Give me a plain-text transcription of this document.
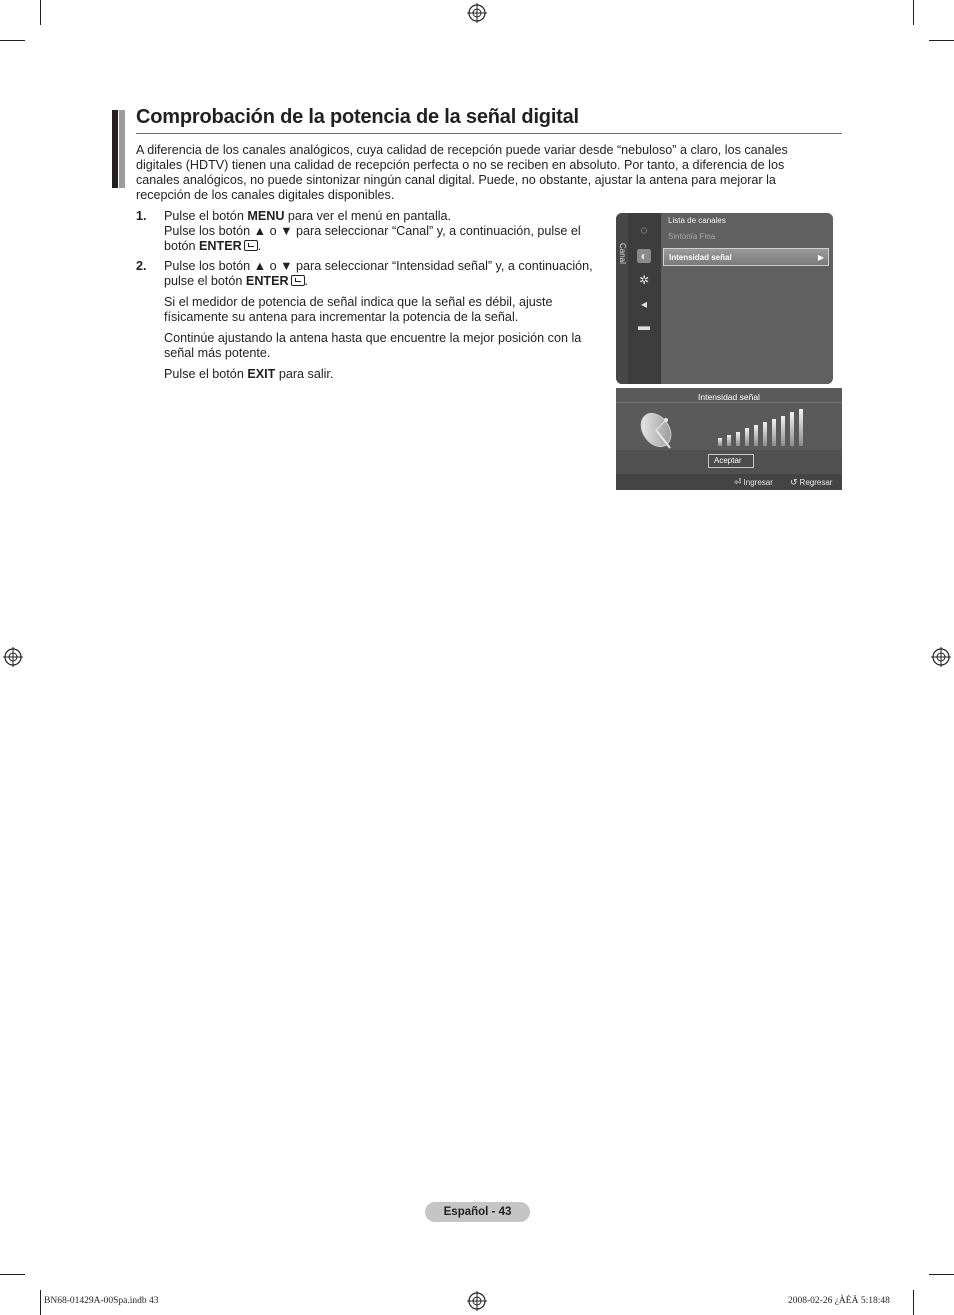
Comprobación de la potencia de la señal digital
A diferencia de los canales analógicos, cuya calidad de recepción puede variar desde “nebuloso” a claro, los canales digitales (HDTV) tienen una calidad de recepción perfecta o no se reciben en absoluto. Por tanto, a diferencia de los canales analógicos, no puede sintonizar ningún canal digital. Puede, no obstante, ajustar la antena para mejorar la recepción de los canales digitales disponibles.
1. Pulse el botón MENU para ver el menú en pantalla.

Pulse los botón ▲ o ▼ para seleccionar “Canal” y, a continuación, pulse el botón ENTER .

2. Pulse los botón ▲ o ▼ para seleccionar “Intensidad señal” y, a continuación, pulse el botón ENTER .

Si el medidor de potencia de señal indica que la señal es débil, ajuste físicamente su antena para incrementar la potencia de la señal.

Continúe ajustando la antena hasta que encuentre la mejor posición con la señal más potente.

Pulse el botón EXIT para salir.

Canal
◌
◐
✲
◂
▬
Lista de canales
Sintonía Fina
Intensidad señal	▶
Intensidad señal
Aceptar
⏎ Ingresar ↺ Regresar
Español - 43
BN68-01429A-00Spa.indb 43	2008-02-26 ¿ÀÈÄ 5:18:48
